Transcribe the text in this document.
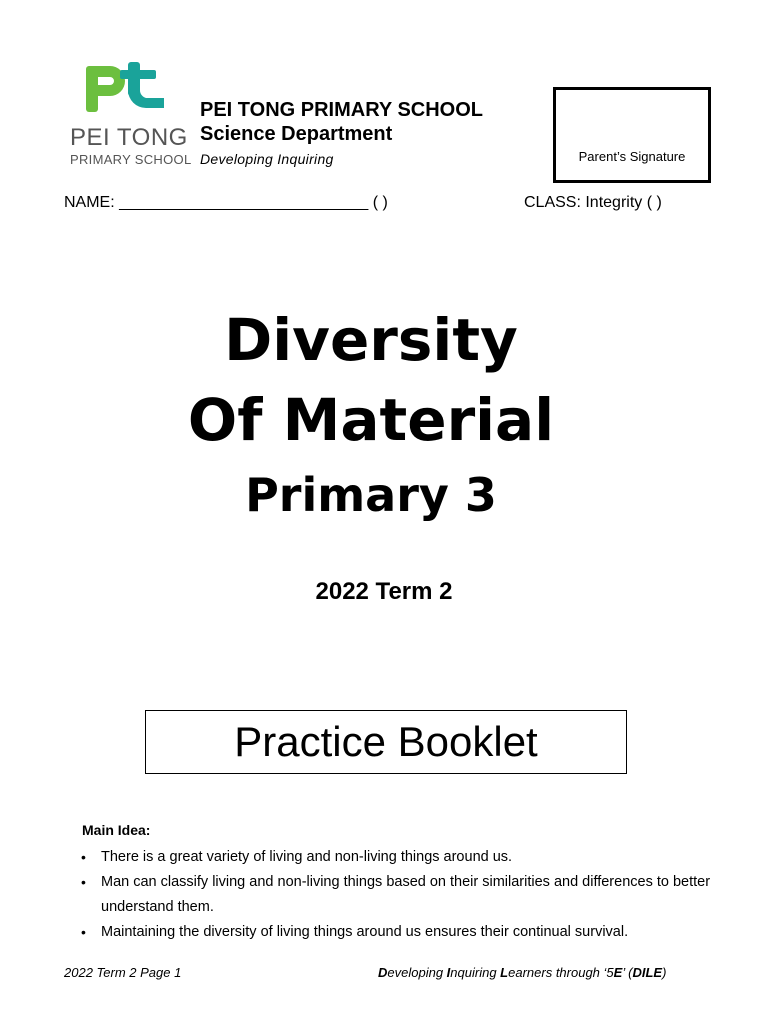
PEI TONG
PRIMARY SCHOOL
PEI TONG PRIMARY SCHOOL
Science Department
Developing Inquiring	Parent’s Signature
NAME: ____________________________ ( )	CLASS: Integrity ( )
Diversity
Of Material
Primary 3
2022 Term 2
Practice Booklet
Main Idea:
• There is a great variety of living and non-living things around us.
• Man can classify living and non-living things based on their similarities and differences to better understand them.
• Maintaining the diversity of living things around us ensures their continual survival.
2022 Term 2 Page 1	Developing Inquiring Learners through ‘5E’ (DILE)
